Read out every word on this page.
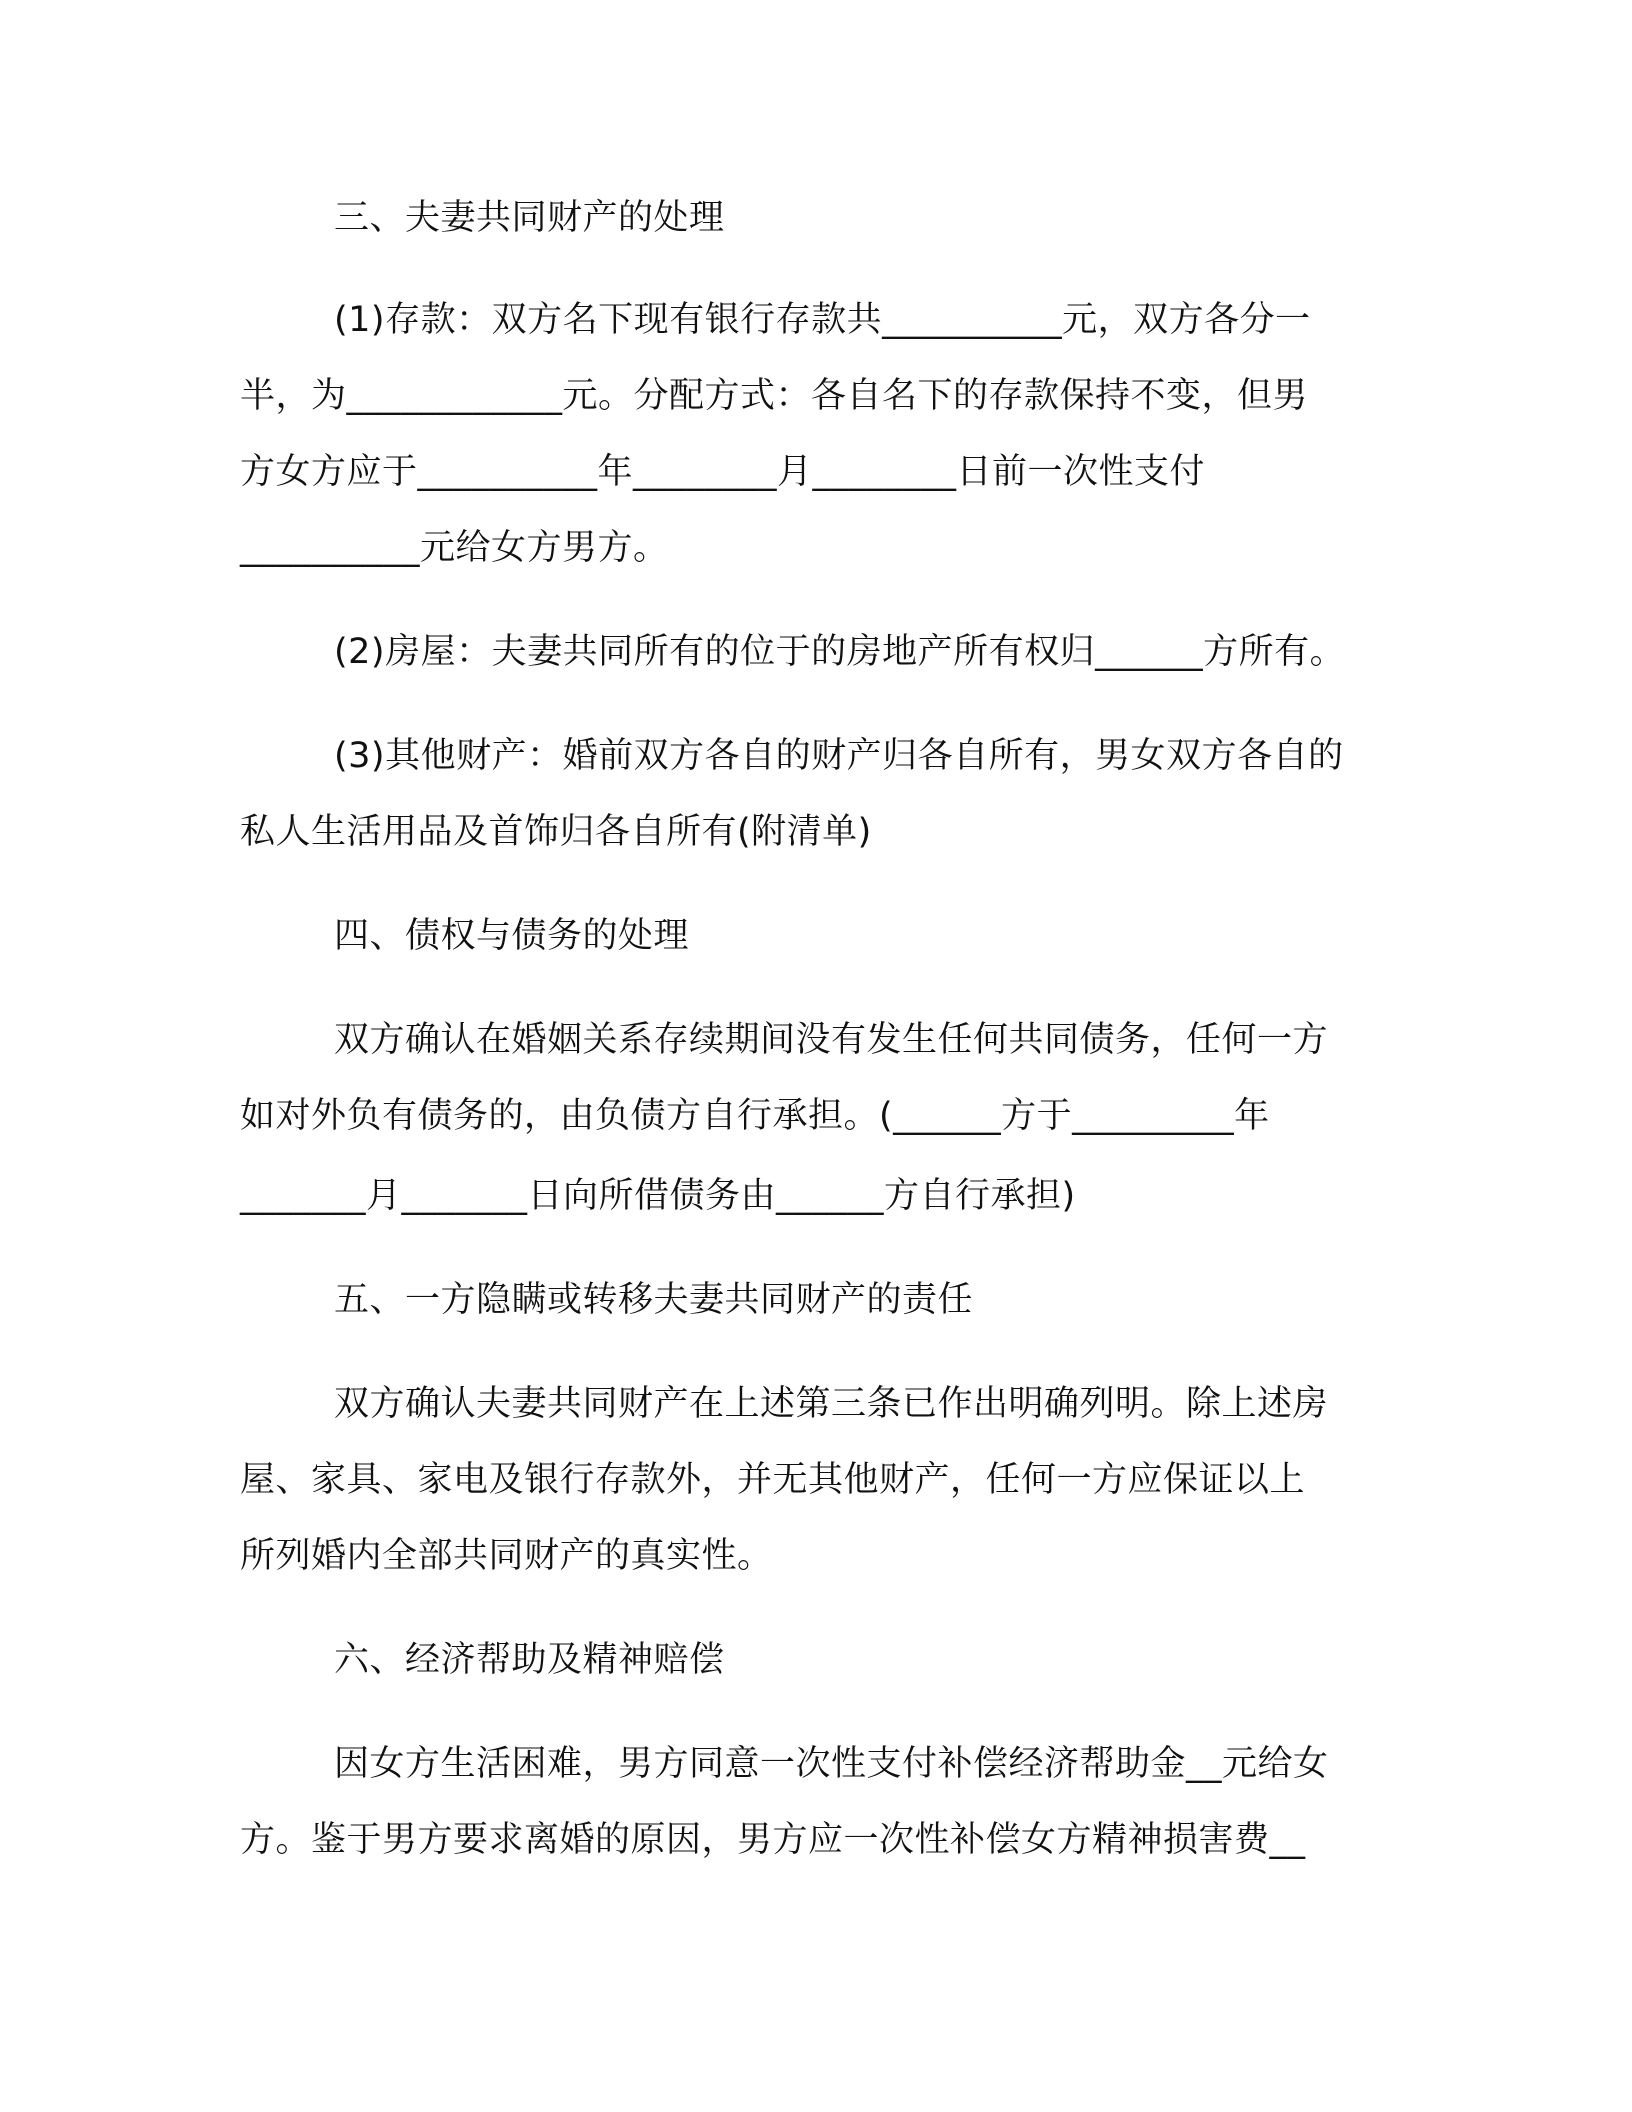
三、夫妻共同财产的处理

(1)存款：双方名下现有银行存款共__________元，双方各分一

半，为____________元。分配方式：各自名下的存款保持不变，但男

方女方应于__________年________月________日前一次性支付

__________元给女方男方。

(2)房屋：夫妻共同所有的位于的房地产所有权归______方所有。

(3)其他财产：婚前双方各自的财产归各自所有，男女双方各自的

私人生活用品及首饰归各自所有(附清单)

四、债权与债务的处理

双方确认在婚姻关系存续期间没有发生任何共同债务，任何一方

如对外负有债务的，由负债方自行承担。(______方于_________年

_______月_______日向所借债务由______方自行承担)

五、一方隐瞒或转移夫妻共同财产的责任

双方确认夫妻共同财产在上述第三条已作出明确列明。除上述房

屋、家具、家电及银行存款外，并无其他财产，任何一方应保证以上

所列婚内全部共同财产的真实性。

六、经济帮助及精神赔偿

因女方生活困难，男方同意一次性支付补偿经济帮助金__元给女

方。鉴于男方要求离婚的原因，男方应一次性补偿女方精神损害费__
